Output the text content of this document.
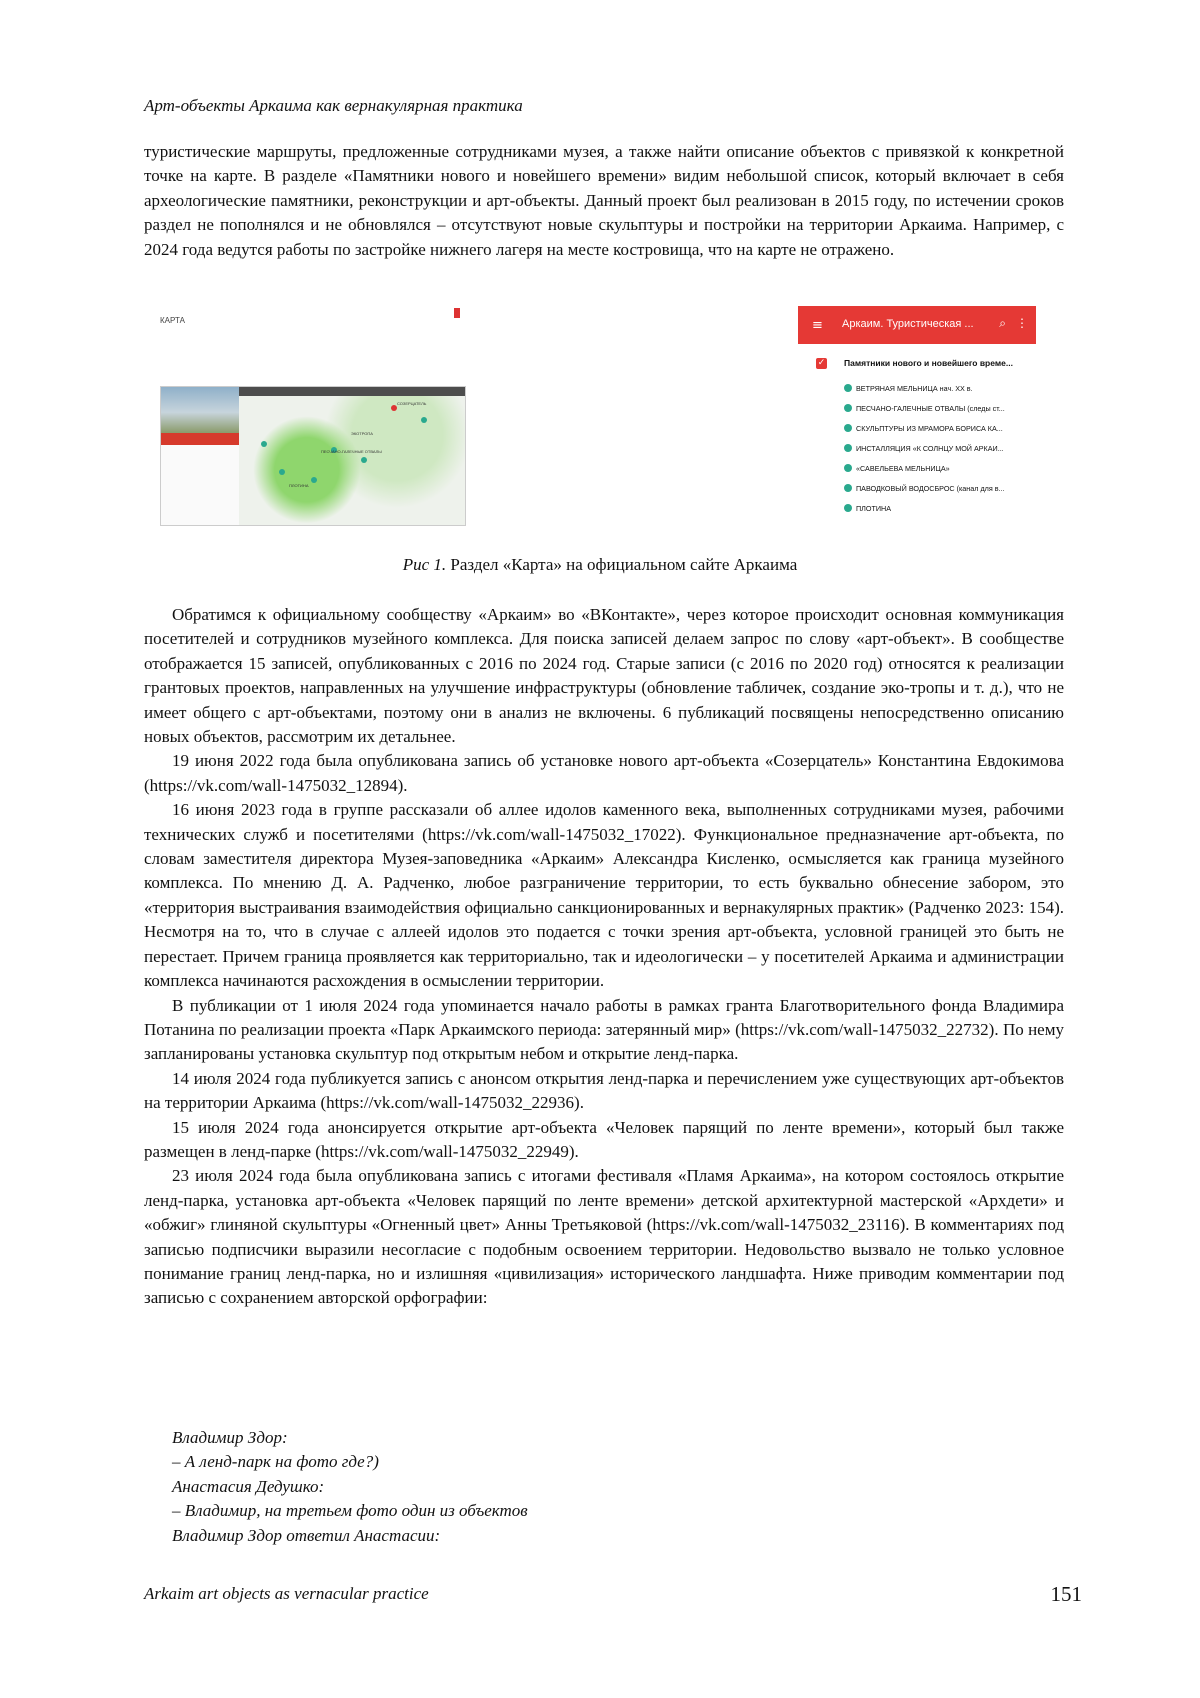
Арт-объекты Аркаима как вернакулярная практика

туристические маршруты, предложенные сотрудниками музея, а также найти описание объектов с привязкой к конкретной точке на карте. В разделе «Памятники нового и новейшего времени» видим небольшой список, который включает в себя археологические памятники, реконструкции и арт-объекты. Данный проект был реализован в 2015 году, по истечении сроков раздел не пополнялся и не обновлялся – отсутствуют новые скульптуры и постройки на территории Аркаима. Например, с 2024 года ведутся работы по застройке нижнего лагеря на месте костровища, что на карте не отражено.

КАРТА
СОЗЕРЦАТЕЛЬ
ЭКОТРОПА
ПЕСЧАНО-ГАЛЕЧНЫЕ ОТВАЛЫ
ПЛОТИНА
≡ Аркаим. Туристическая ... ⌕ ⋮
✓ Памятники нового и новейшего време...
ВЕТРЯНАЯ МЕЛЬНИЦА нач. XX в.
ПЕСЧАНО-ГАЛЕЧНЫЕ ОТВАЛЫ (следы ст...
СКУЛЬПТУРЫ ИЗ МРАМОРА БОРИСА КА...
ИНСТАЛЛЯЦИЯ «К СОЛНЦУ МОЙ АРКАИ...
«САВЕЛЬЕВА МЕЛЬНИЦА»
ПАВОДКОВЫЙ ВОДОСБРОС (канал для в...
ПЛОТИНА
Рис 1. Раздел «Карта» на официальном сайте Аркаима

Обратимся к официальному сообществу «Аркаим» во «ВКонтакте», через которое происходит основная коммуникация посетителей и сотрудников музейного комплекса. Для поиска записей делаем запрос по слову «арт-объект». В сообществе отображается 15 записей, опубликованных с 2016 по 2024 год. Старые записи (с 2016 по 2020 год) относятся к реализации грантовых проектов, направленных на улучшение инфраструктуры (обновление табличек, создание эко-тропы и т. д.), что не имеет общего с арт-объектами, поэтому они в анализ не включены. 6 публикаций посвящены непосредственно описанию новых объектов, рассмотрим их детальнее.

19 июня 2022 года была опубликована запись об установке нового арт-объекта «Созерцатель» Константина Евдокимова (https://vk.com/wall-1475032_12894).

16 июня 2023 года в группе рассказали об аллее идолов каменного века, выполненных сотрудниками музея, рабочими технических служб и посетителями (https://vk.com/wall-1475032_17022). Функциональное предназначение арт-объекта, по словам заместителя директора Музея-заповедника «Аркаим» Александра Кисленко, осмысляется как граница музейного комплекса. По мнению Д. А. Радченко, любое разграничение территории, то есть буквально обнесение забором, это «территория выстраивания взаимодействия официально санкционированных и вернакулярных практик» (Радченко 2023: 154). Несмотря на то, что в случае с аллеей идолов это подается с точки зрения арт-объекта, условной границей это быть не перестает. Причем граница проявляется как территориально, так и идеологически – у посетителей Аркаима и администрации комплекса начинаются расхождения в осмыслении территории.

В публикации от 1 июля 2024 года упоминается начало работы в рамках гранта Благотворительного фонда Владимира Потанина по реализации проекта «Парк Аркаимского периода: затерянный мир» (https://vk.com/wall-1475032_22732). По нему запланированы установка скульптур под открытым небом и открытие ленд-парка.

14 июля 2024 года публикуется запись с анонсом открытия ленд-парка и перечислением уже существующих арт-объектов на территории Аркаима (https://vk.com/wall-1475032_22936).

15 июля 2024 года анонсируется открытие арт-объекта «Человек парящий по ленте времени», который был также размещен в ленд-парке (https://vk.com/wall-1475032_22949).

23 июля 2024 года была опубликована запись с итогами фестиваля «Пламя Аркаима», на котором состоялось открытие ленд-парка, установка арт-объекта «Человек парящий по ленте времени» детской архитектурной мастерской «Архдети» и «обжиг» глиняной скульптуры «Огненный цвет» Анны Третьяковой (https://vk.com/wall-1475032_23116). В комментариях под записью подписчики выразили несогласие с подобным освоением территории. Недовольство вызвало не только условное понимание границ ленд-парка, но и излишняя «цивилизация» исторического ландшафта. Ниже приводим комментарии под записью с сохранением авторской орфографии:

Владимир Здор:
– А ленд-парк на фото где?)
Анастасия Дедушко:
– Владимир, на третьем фото один из объектов
Владимир Здор ответил Анастасии:
Arkaim art objects as vernacular practice	151
